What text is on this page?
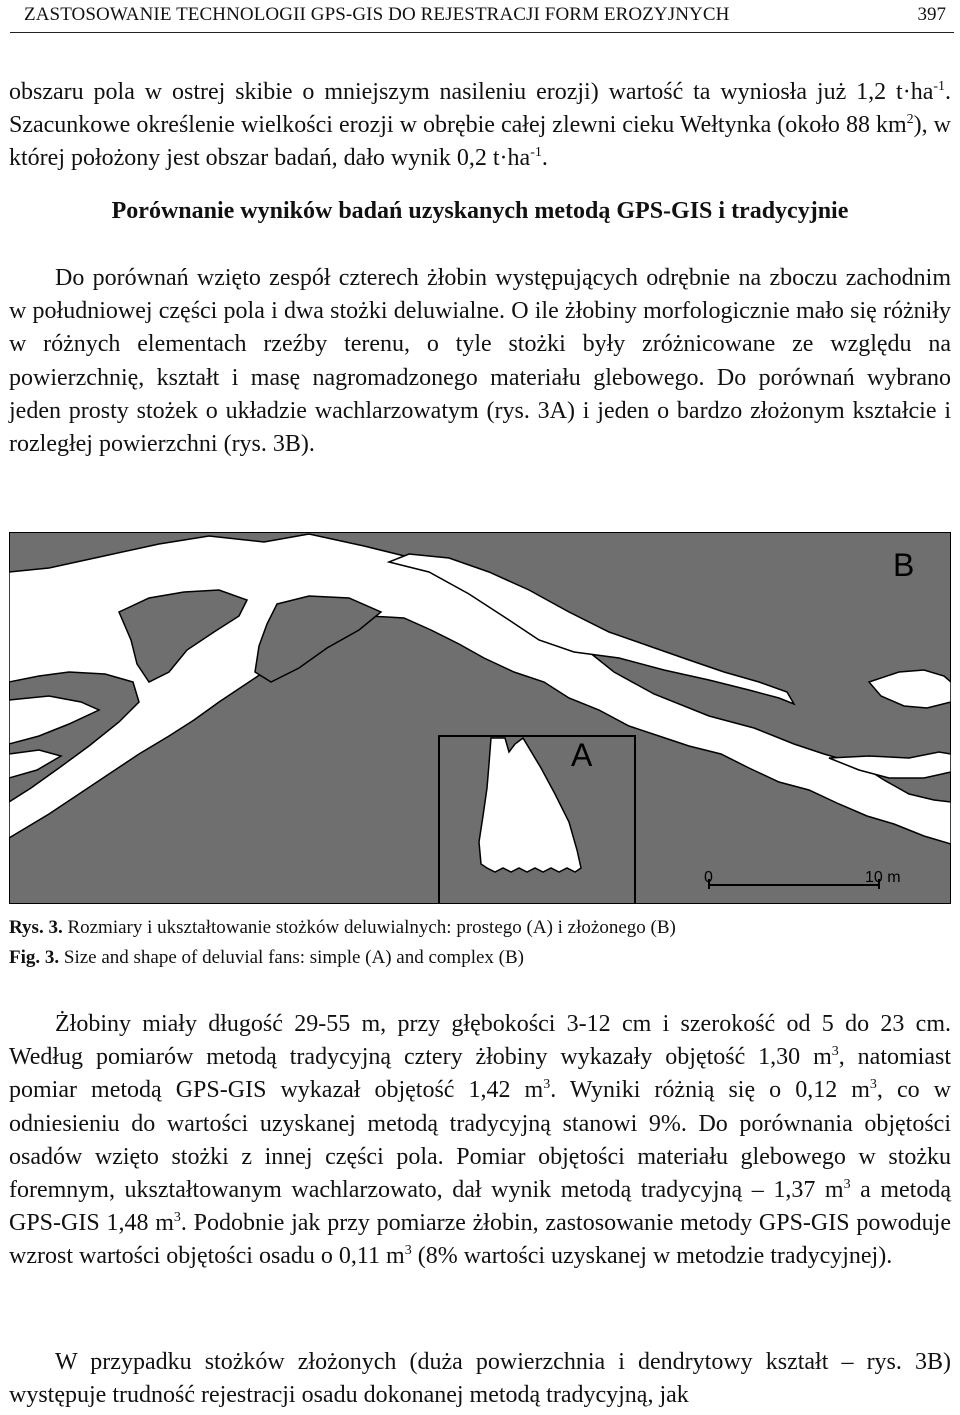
ZASTOSOWANIE TECHNOLOGII GPS-GIS DO REJESTRACJI FORM EROZYJNYCH	397

obszaru pola w ostrej skibie o mniejszym nasileniu erozji) wartość ta wyniosła już 1,2 $t\cdot ha^{-1}$. Szacunkowe określenie wielkości erozji w obrębie całej zlewni cieku Wełtynka (około 88 $km^2$), w której położony jest obszar badań, dało wynik 0,2 $t\cdot ha^{-1}$.

Porównanie wyników badań uzyskanych metodą GPS-GIS i tradycyjnie

Do porównań wzięto zespół czterech żłobin występujących odrębnie na zboczu zachodnim w południowej części pola i dwa stożki deluwialne. O ile żłobiny morfologicznie mało się różniły w różnych elementach rzeźby terenu, o tyle stożki były zróżnicowane ze względu na powierzchnię, kształt i masę nagromadzonego materiału glebowego. Do porównań wybrano jeden prosty stożek o układzie wachlarzowatym (rys. 3A) i jeden o bardzo złożonym kształcie i rozległej powierzchni (rys. 3B).

0	10 m
A
B

Rys. 3. Rozmiary i ukształtowanie stożków deluwialnych: prostego (A) i złożonego (B)

Fig. 3. Size and shape of deluvial fans: simple (A) and complex (B)

Żłobiny miały długość 29-55 m, przy głębokości 3-12 cm i szerokość od 5 do 23 cm. Według pomiarów metodą tradycyjną cztery żłobiny wykazały objętość 1,30 $m^3$, natomiast pomiar metodą GPS-GIS wykazał objętość 1,42 $m^3$. Wyniki różnią się o 0,12 $m^3$, co w odniesieniu do wartości uzyskanej metodą tradycyjną stanowi 9%. Do porównania objętości osadów wzięto stożki z innej części pola. Pomiar objętości materiału glebowego w stożku foremnym, ukształtowanym wachlarzowato, dał wynik metodą tradycyjną – 1,37 $m^3$ a metodą GPS-GIS 1,48 $m^3$. Podobnie jak przy pomiarze żłobin, zastosowanie metody GPS-GIS powoduje wzrost wartości objętości osadu o 0,11 $m^3$ (8% wartości uzyskanej w metodzie tradycyjnej).

W przypadku stożków złożonych (duża powierzchnia i dendrytowy kształt – rys. 3B) występuje trudność rejestracji osadu dokonanej metodą tradycyjną, jak
